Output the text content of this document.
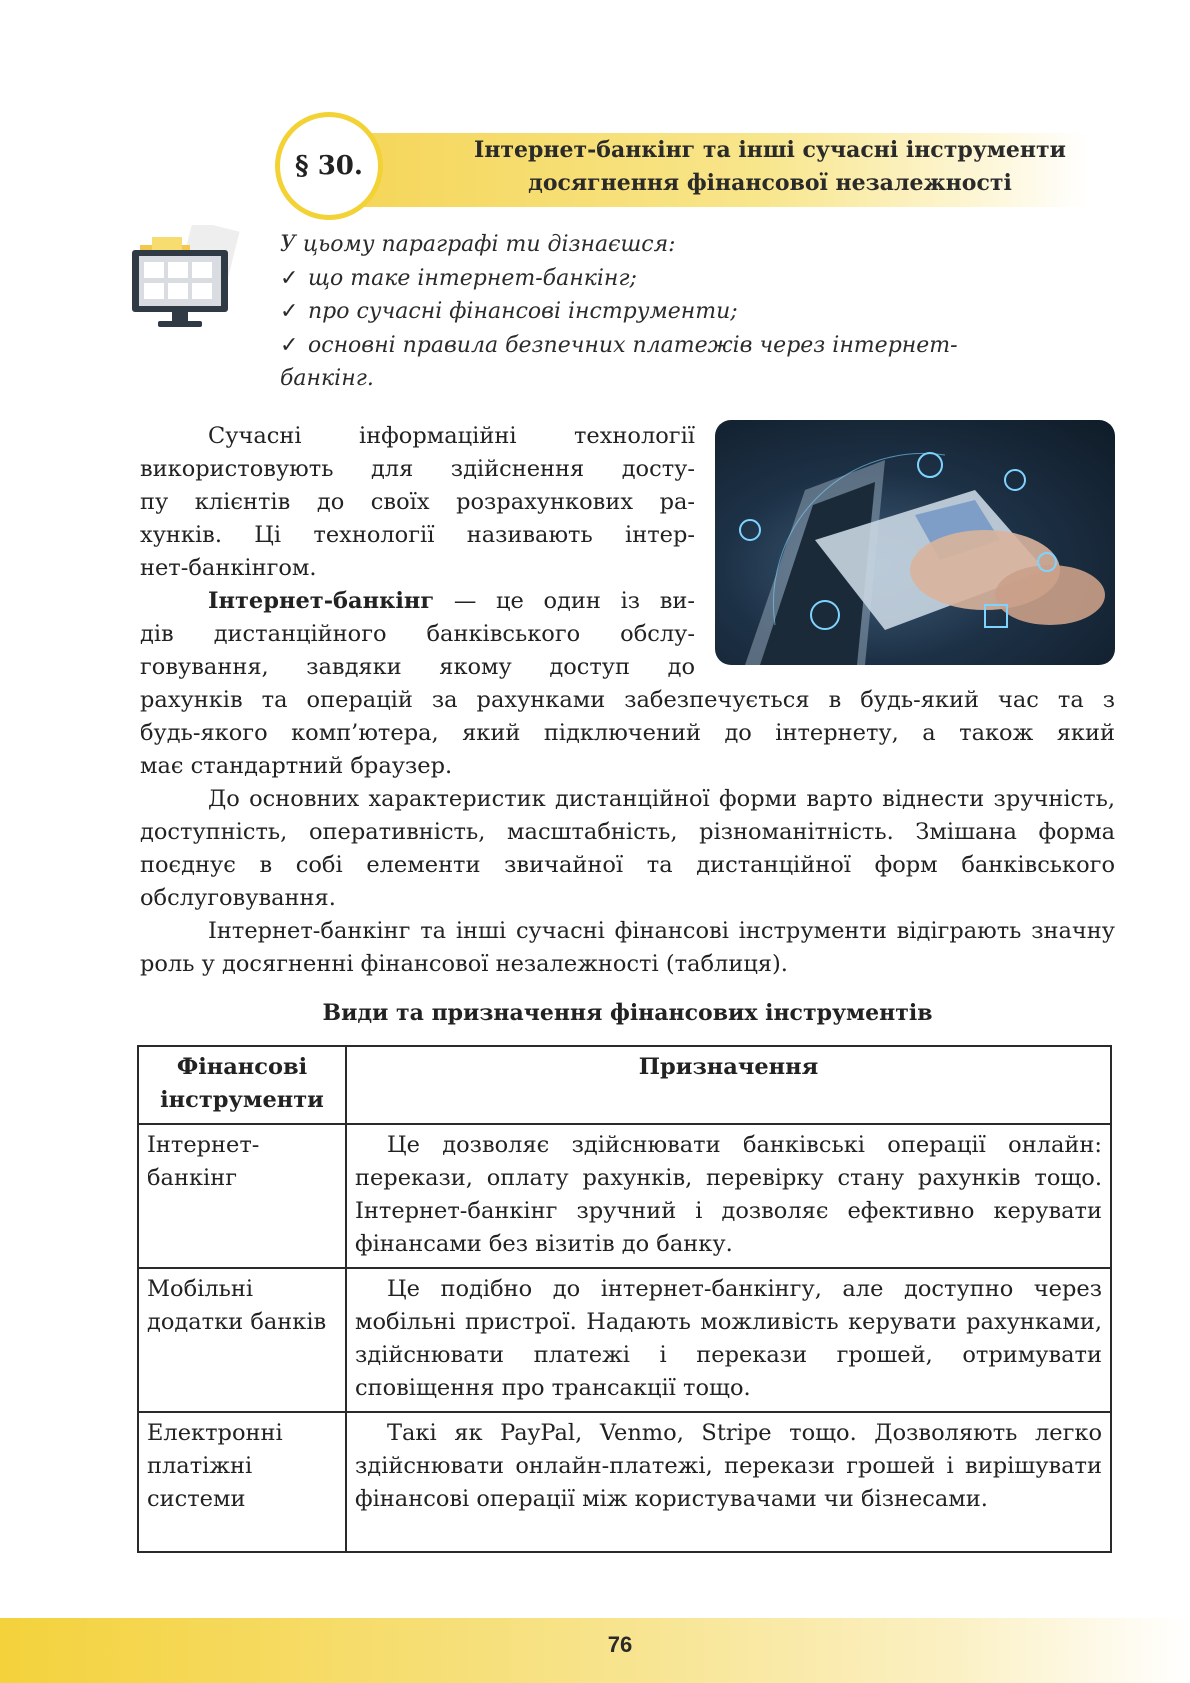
§ 30.
Інтернет-банкінг та інші сучасні інструменти
досягнення фінансової незалежності
У цьому параграфі ти дізнаєшся:
✓ що таке інтернет-банкінг;
✓ про сучасні фінансові інструменти;
✓ основні правила безпечних платежів через інтернет-
банкінг.
Сучасні інформаційні технології
використовують для здійснення досту-
пу клієнтів до своїх розрахункових ра-
хунків. Ці технології називають інтер-
нет-банкінгом.
Інтернет-банкінг — це один із ви-
дів дистанційного банківського обслу-
говування, завдяки якому доступ до
рахунків та операцій за рахунками забезпечується в будь-який час та з
будь-якого комп’ютера, який підключений до інтернету, а також який
має стандартний браузер.
До основних характеристик дистанційної форми варто віднести зручність, доступність, оперативність, масштабність, різноманітність. Змішана форма поєднує в собі елементи звичайної та дистанційної форм банківського обслуговування.
Інтернет-банкінг та інші сучасні фінансові інструменти відіграють значну роль у досягненні фінансової незалежності (таблиця).
Види та призначення фінансових інструментів
Фінансові інструменти	Призначення
Інтернет-банкінг	Це дозволяє здійснювати банківські операції онлайн: перекази, оплату рахунків, перевірку стану рахунків тощо. Інтернет-банкінг зручний і дозволяє ефективно керувати фінансами без візитів до банку.
Мобільні додатки банків	Це подібно до інтернет-банкінгу, але доступно через мобільні пристрої. Надають можливість керувати рахунками, здійснювати платежі і перекази грошей, отримувати сповіщення про трансакції тощо.
Електронні платіжні системи	Такі як PayPal, Venmo, Stripe тощо. Дозволяють легко здійснювати онлайн-платежі, перекази грошей і вирішувати фінансові операції між користувачами чи бізнесами.
76
